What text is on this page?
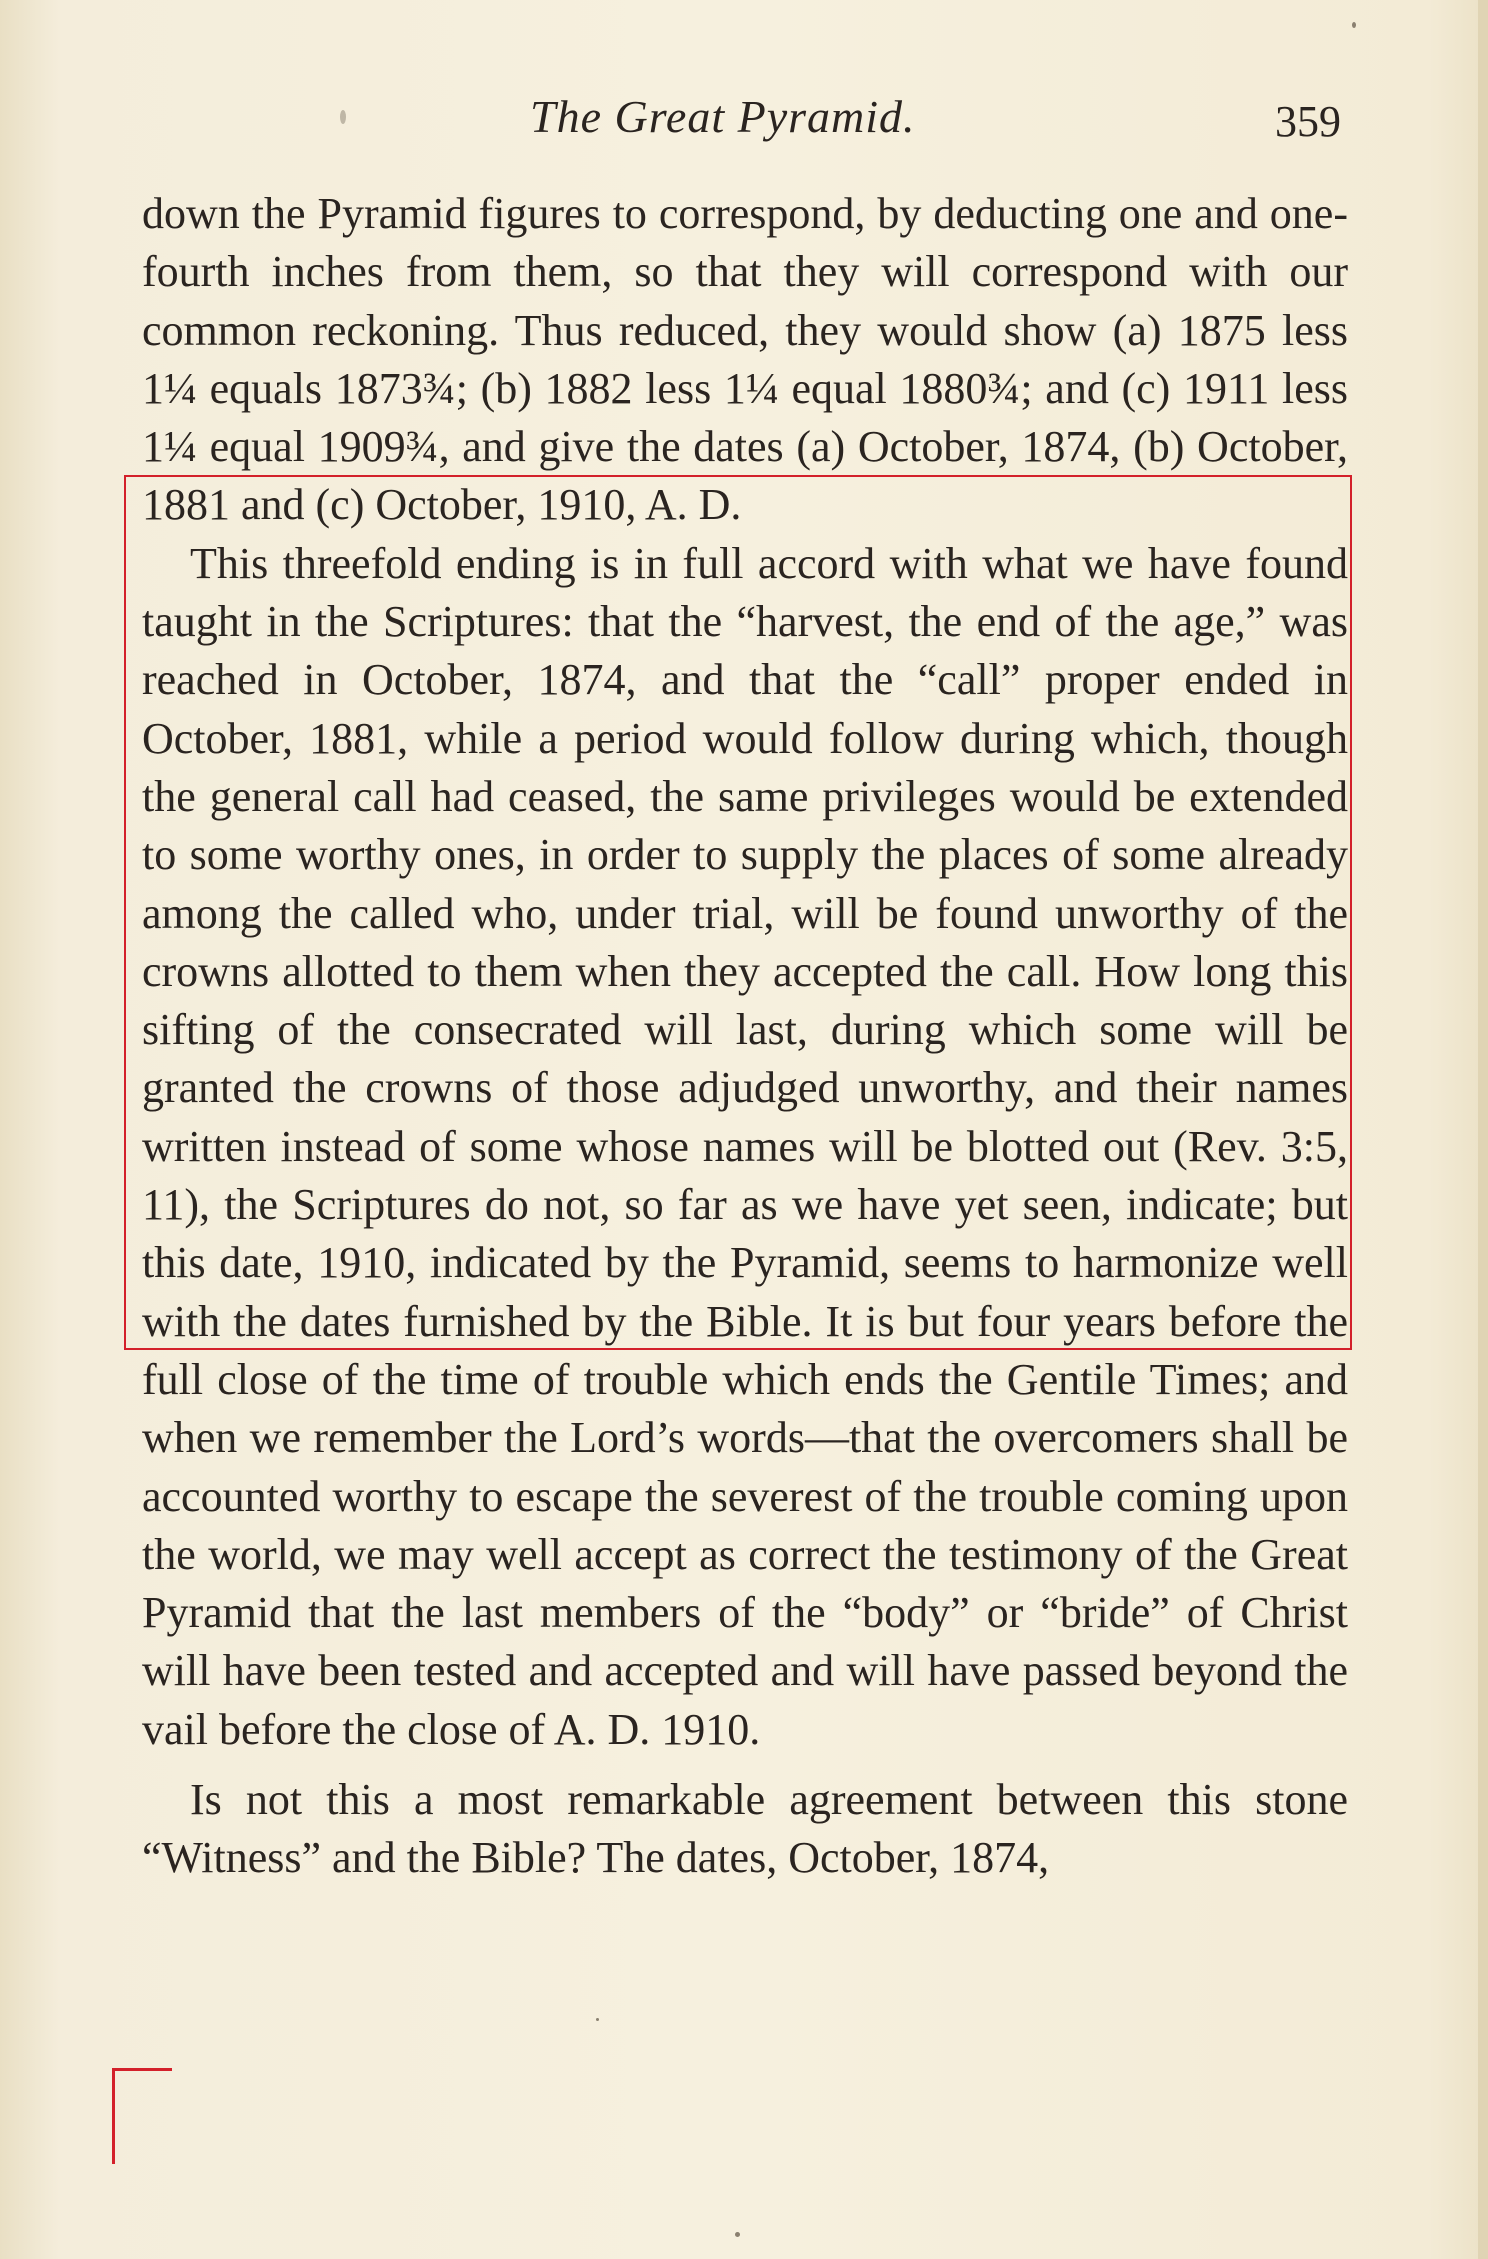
The Great Pyramid.	359

down the Pyramid figures to correspond, by deducting one and one-fourth inches from them, so that they will correspond with our common reckoning. Thus reduced, they would show (a) 1875 less 1¼ equals 1873¾; (b) 1882 less 1¼ equal 1880¾; and (c) 1911 less 1¼ equal 1909¾, and give the dates (a) October, 1874, (b) October, 1881 and (c) October, 1910, A. D.

This threefold ending is in full accord with what we have found taught in the Scriptures: that the “harvest, the end of the age,” was reached in October, 1874, and that the “call” proper ended in October, 1881, while a period would follow during which, though the general call had ceased, the same privileges would be extended to some worthy ones, in order to supply the places of some already among the called who, under trial, will be found unworthy of the crowns allotted to them when they accepted the call. How long this sifting of the consecrated will last, during which some will be granted the crowns of those adjudged unworthy, and their names written instead of some whose names will be blotted out (Rev. 3:5, 11), the Scriptures do not, so far as we have yet seen, indicate; but this date, 1910, indicated by the Pyramid, seems to harmonize well with the dates furnished by the Bible. It is but four years before the full close of the time of trouble which ends the Gentile Times; and when we remember the Lord’s words—that the overcomers shall be accounted worthy to escape the severest of the trouble coming upon the world, we may well accept as correct the testimony of the Great Pyramid that the last members of the “body” or “bride” of Christ will have been tested and accepted and will have passed beyond the vail before the close of A. D. 1910.

Is not this a most remarkable agreement between this stone “Witness” and the Bible? The dates, October, 1874,
